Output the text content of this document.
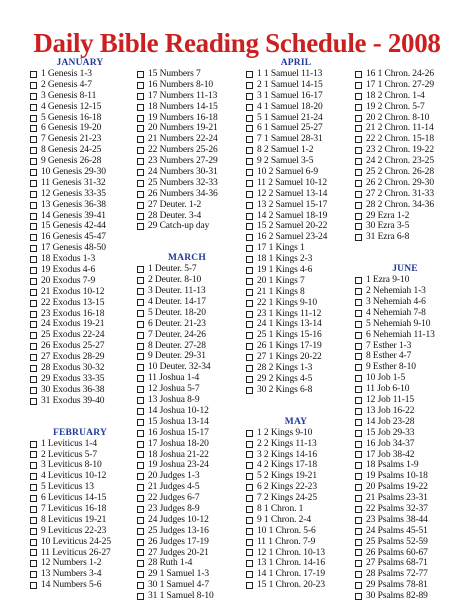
Daily Bible Reading Schedule - 2008
JANUARY
1 Genesis 1-3
2 Genesis 4-7
3 Genesis 8-11
4 Genesis 12-15
5 Genesis 16-18
6 Genesis 19-20
7 Genesis 21-23
8 Genesis 24-25
9 Genesis 26-28
10 Genesis 29-30
11 Genesis 31-32
12 Genesis 33-35
13 Genesis 36-38
14 Genesis 39-41
15 Genesis 42-44
16 Genesis 45-47
17 Genesis 48-50
18 Exodus 1-3
19 Exodus 4-6
20 Exodus 7-9
21 Exodus 10-12
22 Exodus 13-15
23 Exodus 16-18
24 Exodus 19-21
25 Exodus 22-24
26 Exodus 25-27
27 Exodus 28-29
28 Exodus 30-32
29 Exodus 33-35
30 Exodus 36-38
31 Exodus 39-40
FEBRUARY
1 Leviticus 1-4
2 Leviticus 5-7
3 Leviticus 8-10
4 Leviticus 10-12
5 Leviticus 13
6 Leviticus 14-15
7 Leviticus 16-18
8 Leviticus 19-21
9 Leviticus 22-23
10 Leviticus 24-25
11 Leviticus 26-27
12 Numbers 1-2
13 Numbers 3-4
14 Numbers 5-6
15 Numbers 7
16 Numbers 8-10
17 Numbers 11-13
18 Numbers 14-15
19 Numbers 16-18
20 Numbers 19-21
21 Numbers 22-24
22 Numbers 25-26
23 Numbers 27-29
24 Numbers 30-31
25 Numbers 32-33
26 Numbers 34-36
27 Deuter. 1-2
28 Deuter. 3-4
29 Catch-up day
MARCH
1 Deuter. 5-7
2 Deuter. 8-10
3 Deuter. 11-13
4 Deuter. 14-17
5 Deuter. 18-20
6 Deuter. 21-23
7 Deuter. 24-26
8 Deuter. 27-28
9 Deuter. 29-31
10 Deuter. 32-34
11 Joshua 1-4
12 Joshua 5-7
13 Joshua 8-9
14 Joshua 10-12
15 Joshua 13-14
16 Joshua 15-17
17 Joshua 18-20
18 Joshua 21-22
19 Joshua 23-24
20 Judges 1-3
21 Judges 4-5
22 Judges 6-7
23 Judges 8-9
24 Judges 10-12
25 Judges 13-16
26 Judges 17-19
27 Judges 20-21
28 Ruth 1-4
29 1 Samuel 1-3
30 1 Samuel 4-7
31 1 Samuel 8-10
APRIL
1 1 Samuel 11-13
2 1 Samuel 14-15
3 1 Samuel 16-17
4 1 Samuel 18-20
5 1 Samuel 21-24
6 1 Samuel 25-27
7 1 Samuel 28-31
8 2 Samuel 1-2
9 2 Samuel 3-5
10 2 Samuel 6-9
11 2 Samuel 10-12
12 2 Samuel 13-14
13 2 Samuel 15-17
14 2 Samuel 18-19
15 2 Samuel 20-22
16 2 Samuel 23-24
17 1 Kings 1
18 1 Kings 2-3
19 1 Kings 4-6
20 1 Kings 7
21 1 Kings 8
22 1 Kings 9-10
23 1 Kings 11-12
24 1 Kings 13-14
25 1 Kings 15-16
26 1 Kings 17-19
27 1 Kings 20-22
28 2 Kings 1-3
29 2 Kings 4-5
30 2 Kings 6-8
MAY
1 2 Kings 9-10
2 2 Kings 11-13
3 2 Kings 14-16
4 2 Kings 17-18
5 2 Kings 19-21
6 2 Kings 22-23
7 2 Kings 24-25
8 1 Chron. 1
9 1 Chron. 2-4
10 1 Chron. 5-6
11 1 Chron. 7-9
12 1 Chron. 10-13
13 1 Chron. 14-16
14 1 Chron. 17-19
15 1 Chron. 20-23
16 1 Chron. 24-26
17 1 Chron. 27-29
18 2 Chron. 1-4
19 2 Chron. 5-7
20 2 Chron. 8-10
21 2 Chron. 11-14
22 2 Chron. 15-18
23 2 Chron. 19-22
24 2 Chron. 23-25
25 2 Chron. 26-28
26 2 Chron. 29-30
27 2 Chron. 31-33
28 2 Chron. 34-36
29 Ezra 1-2
30 Ezra 3-5
31 Ezra 6-8
JUNE
1 Ezra 9-10
2 Nehemiah 1-3
3 Nehemiah 4-6
4 Nehemiah 7-8
5 Nehemiah 9-10
6 Nehemiah 11-13
7 Esther 1-3
8 Esther 4-7
9 Esther 8-10
10 Job 1-5
11 Job 6-10
12 Job 11-15
13 Job 16-22
14 Job 23-28
15 Job 29-33
16 Job 34-37
17 Job 38-42
18 Psalms 1-9
19 Psalms 10-18
20 Psalms 19-22
21 Psalms 23-31
22 Psalms 32-37
23 Psalms 38-44
24 Psalms 45-51
25 Psalms 52-59
26 Psalms 60-67
27 Psalms 68-71
28 Psalms 72-77
29 Psalms 78-81
30 Psalms 82-89
